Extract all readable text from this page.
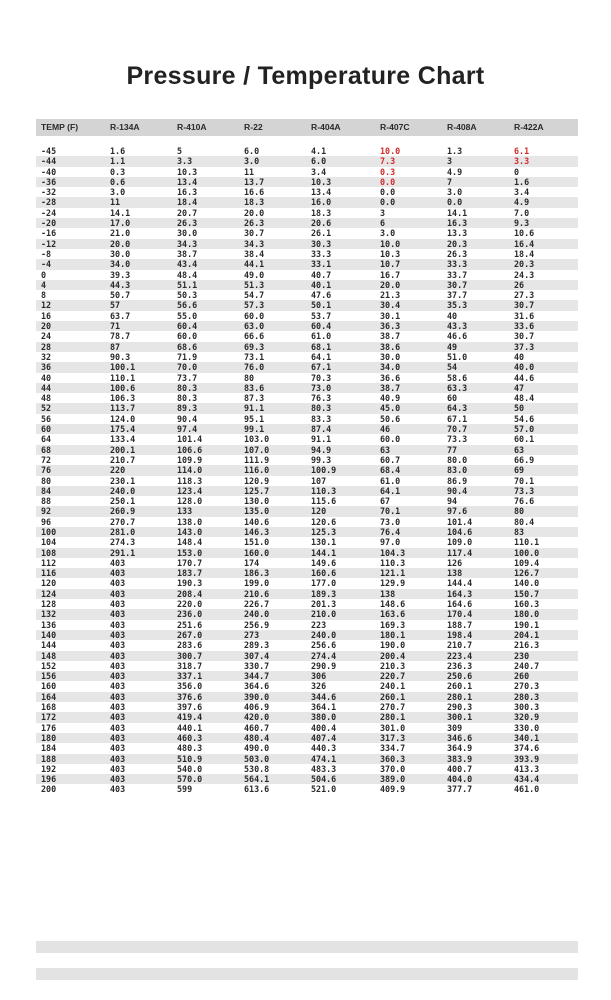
Pressure / Temperature Chart
TEMP (F)	R-134A	R-410A	R-22	R-404A	R-407C	R-408A	R-422A
-45	1.6	5	6.0	4.1	10.0	1.3	6.1
-44	1.1	3.3	3.0	6.0	7.3	3	3.3
-40	0.3	10.3	11	3.4	0.3	4.9	0
-36	0.6	13.4	13.7	10.3	0.0	7	1.6
-32	3.0	16.3	16.6	13.4	0.0	3.0	3.4
-28	11	18.4	18.3	16.0	0.0	0.0	4.9
-24	14.1	20.7	20.0	18.3	3	14.1	7.0
-20	17.0	26.3	26.3	20.6	6	16.3	9.3
-16	21.0	30.0	30.7	26.1	3.0	13.3	10.6
-12	20.0	34.3	34.3	30.3	10.0	20.3	16.4
-8	30.0	38.7	38.4	33.3	10.3	26.3	18.4
-4	34.0	43.4	44.1	33.1	10.7	33.3	20.3
0	39.3	48.4	49.0	40.7	16.7	33.7	24.3
4	44.3	51.1	51.3	40.1	20.0	30.7	26
8	50.7	50.3	54.7	47.6	21.3	37.7	27.3
12	57	56.6	57.3	50.1	30.4	35.3	30.7
16	63.7	55.0	60.0	53.7	30.1	40	31.6
20	71	60.4	63.0	60.4	36.3	43.3	33.6
24	78.7	60.0	66.6	61.0	38.7	46.6	30.7
28	87	68.6	69.3	68.1	38.6	49	37.3
32	90.3	71.9	73.1	64.1	30.0	51.0	40
36	100.1	70.0	76.0	67.1	34.0	54	40.0
40	110.1	73.7	80	70.3	36.6	58.6	44.6
44	100.6	80.3	83.6	73.0	38.7	63.3	47
48	106.3	80.3	87.3	76.3	40.9	60	48.4
52	113.7	89.3	91.1	80.3	45.0	64.3	50
56	124.0	90.4	95.1	83.3	50.6	67.1	54.6
60	175.4	97.4	99.1	87.4	46	70.7	57.0
64	133.4	101.4	103.0	91.1	60.0	73.3	60.1
68	200.1	106.6	107.0	94.9	63	77	63
72	210.7	109.9	111.9	99.3	60.7	80.0	66.9
76	220	114.0	116.0	100.9	68.4	83.0	69
80	230.1	118.3	120.9	107	61.0	86.9	70.1
84	240.0	123.4	125.7	110.3	64.1	90.4	73.3
88	250.1	128.0	130.0	115.6	67	94	76.6
92	260.9	133	135.0	120	70.1	97.6	80
96	270.7	138.0	140.6	120.6	73.0	101.4	80.4
100	281.0	143.0	146.3	125.3	76.4	104.6	83
104	274.3	148.4	151.0	130.1	97.0	109.0	110.1
108	291.1	153.0	160.0	144.1	104.3	117.4	100.0
112	403	170.7	174	149.6	110.3	126	109.4
116	403	183.7	186.3	160.6	121.1	138	126.7
120	403	190.3	199.0	177.0	129.9	144.4	140.0
124	403	208.4	210.6	189.3	138	164.3	150.7
128	403	220.0	226.7	201.3	148.6	164.6	160.3
132	403	236.0	240.0	210.0	163.6	170.4	180.0
136	403	251.6	256.9	223	169.3	188.7	190.1
140	403	267.0	273	240.0	180.1	198.4	204.1
144	403	283.6	289.3	256.6	190.0	210.7	216.3
148	403	300.7	307.4	274.4	200.4	223.4	230
152	403	318.7	330.7	290.9	210.3	236.3	240.7
156	403	337.1	344.7	306	220.7	250.6	260
160	403	356.0	364.6	326	240.1	260.1	270.3
164	403	376.6	390.0	344.6	260.1	280.1	280.3
168	403	397.6	406.9	364.1	270.7	290.3	300.3
172	403	419.4	420.0	380.0	280.1	300.1	320.9
176	403	440.1	460.7	400.4	301.0	309	330.0
180	403	460.3	480.4	407.4	317.3	346.6	340.1
184	403	480.3	490.0	440.3	334.7	364.9	374.6
188	403	510.9	503.0	474.1	360.3	383.9	393.9
192	403	540.0	530.8	483.3	370.0	400.7	413.3
196	403	570.0	564.1	504.6	389.0	404.0	434.4
200	403	599	613.6	521.0	409.9	377.7	461.0
